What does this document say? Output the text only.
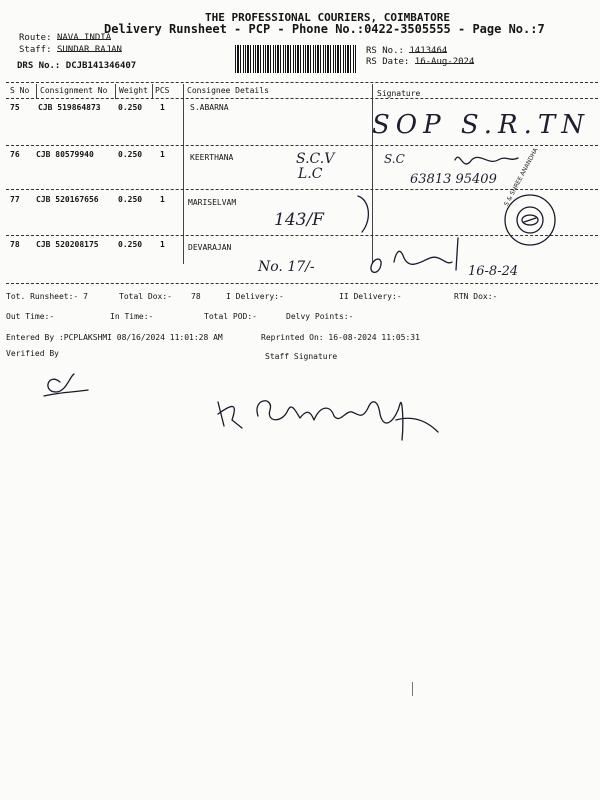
THE PROFESSIONAL COURIERS, COIMBATORE
Delivery Runsheet - PCP - Phone No.:0422-3505555 - Page No.:7
Route: NAVA INDIA
Staff: SUNDAR RAJAN
DRS No.: DCJB141346407
RS No.: 1413464
RS Date: 16-Aug-2024
S No Consignment No Weight PCS Consignee Details	Signature
75 CJB 519864873 0.250 1	S.ABARNA
76 CJB 80579940	0.250 1	KEERTHANA
77 CJB 520167656 0.250 1	MARISELVAM
78 CJB 520208175 0.250 1	DEVARAJAN
SOP S.R.TN
S.C.V
L.C
S.C
63813 95409
143/F
No. 17/-	16-8-24
S & SHREE ANANDHA
Tot. Runsheet:- 7	Total Dox:- 78	I Delivery:-	II Delivery:-	RTN Dox:-
Out Time:-	In Time:-	Total POD:-	Delvy Points:-
Entered By :PCPLAKSHMI 08/16/2024 11:01:28 AM	Reprinted On: 16-08-2024 11:05:31
Verified By	Staff Signature
